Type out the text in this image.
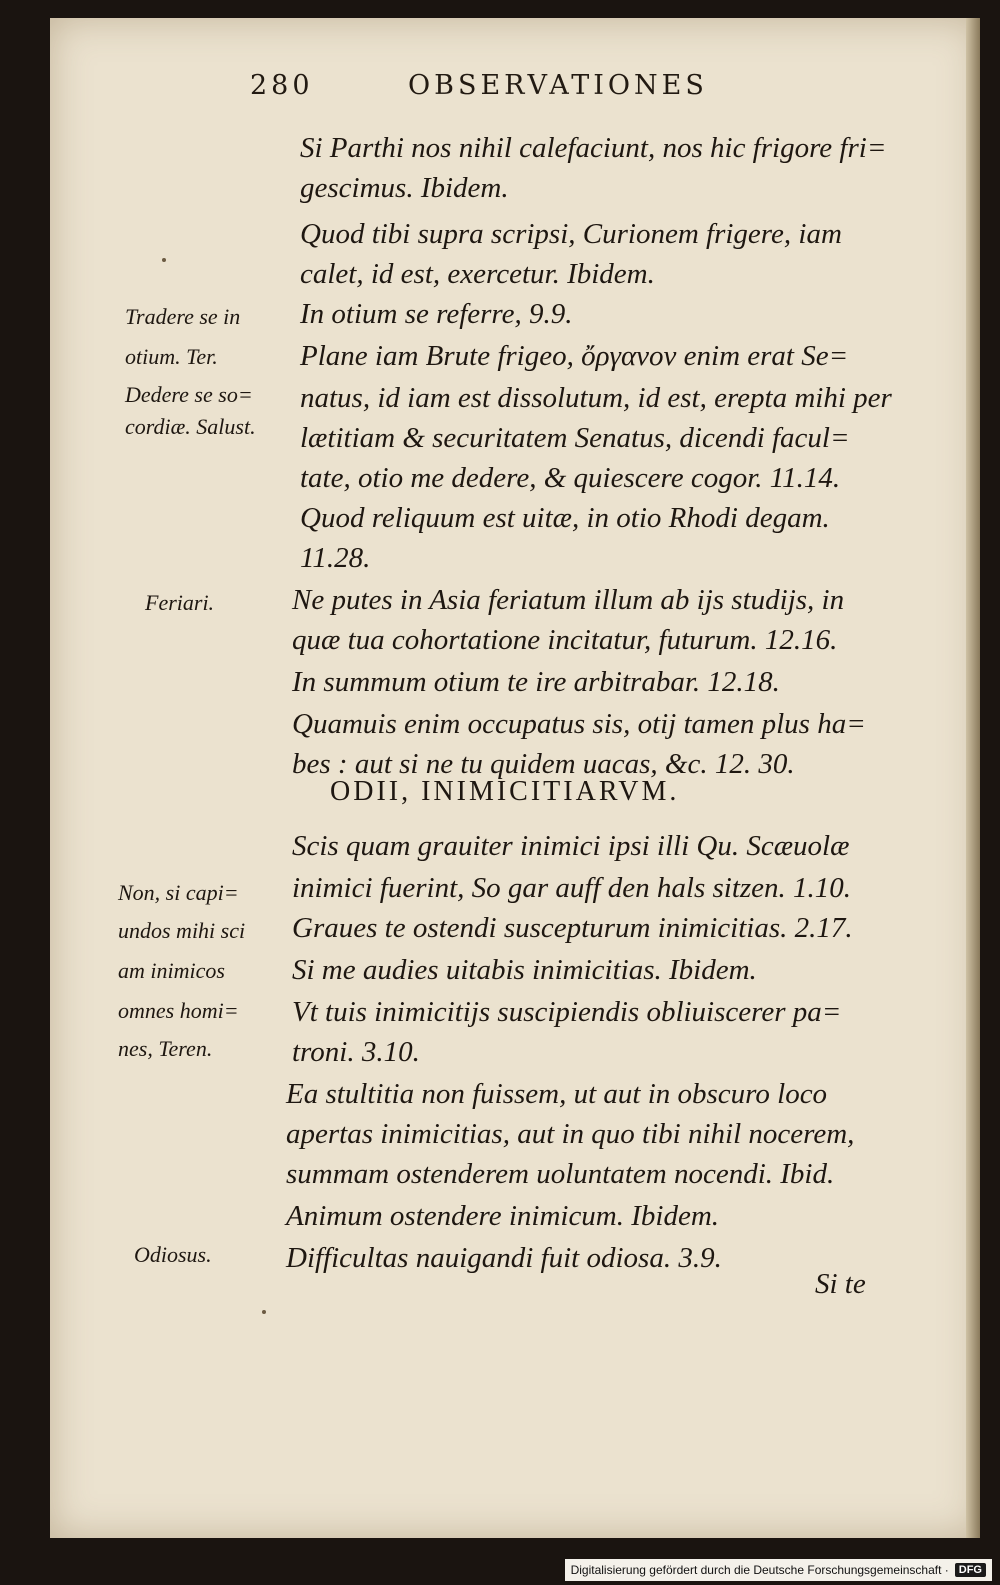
280	OBSERVATIONES
Si Parthi nos nihil calefaciunt, nos hic frigore fri=
gescimus. Ibidem.
Quod tibi supra scripsi, Curionem frigere, iam
calet, id est, exercetur. Ibidem.
In otium se referre, 9.9.
Plane iam Brute frigeo, ὄργανον enim erat Se=
natus, id iam est dissolutum, id est, erepta mihi per
lætitiam & securitatem Senatus, dicendi facul=
tate, otio me dedere, & quiescere cogor. 11.14.
Quod reliquum est uitæ, in otio Rhodi degam.
11.28.
Ne putes in Asia feriatum illum ab ijs studijs, in
quæ tua cohortatione incitatur, futurum. 12.16.
In summum otium te ire arbitrabar. 12.18.
Quamuis enim occupatus sis, otij tamen plus ha=
bes : aut si ne tu quidem uacas, &c. 12. 30.
ODII, INIMICITIARVM.
Scis quam grauiter inimici ipsi illi Qu. Scæuolæ
inimici fuerint, So gar auff den hals sitzen. 1.10.
Graues te ostendi suscepturum inimicitias. 2.17.
Si me audies uitabis inimicitias. Ibidem.
Vt tuis inimicitijs suscipiendis obliuiscerer pa=
troni. 3.10.
Ea stultitia non fuissem, ut aut in obscuro loco
apertas inimicitias, aut in quo tibi nihil nocerem,
summam ostenderem uoluntatem nocendi. Ibid.
Animum ostendere inimicum. Ibidem.
Difficultas nauigandi fuit odiosa. 3.9.
Tradere se in
otium. Ter.
Dedere se so=
cordiæ. Salust.
Feriari.
Non, si capi=
undos mihi sci
am inimicos
omnes homi=
nes, Teren.
Odiosus.
Si te
Digitalisierung gefördert durch die Deutsche Forschungsgemeinschaft · DFG
